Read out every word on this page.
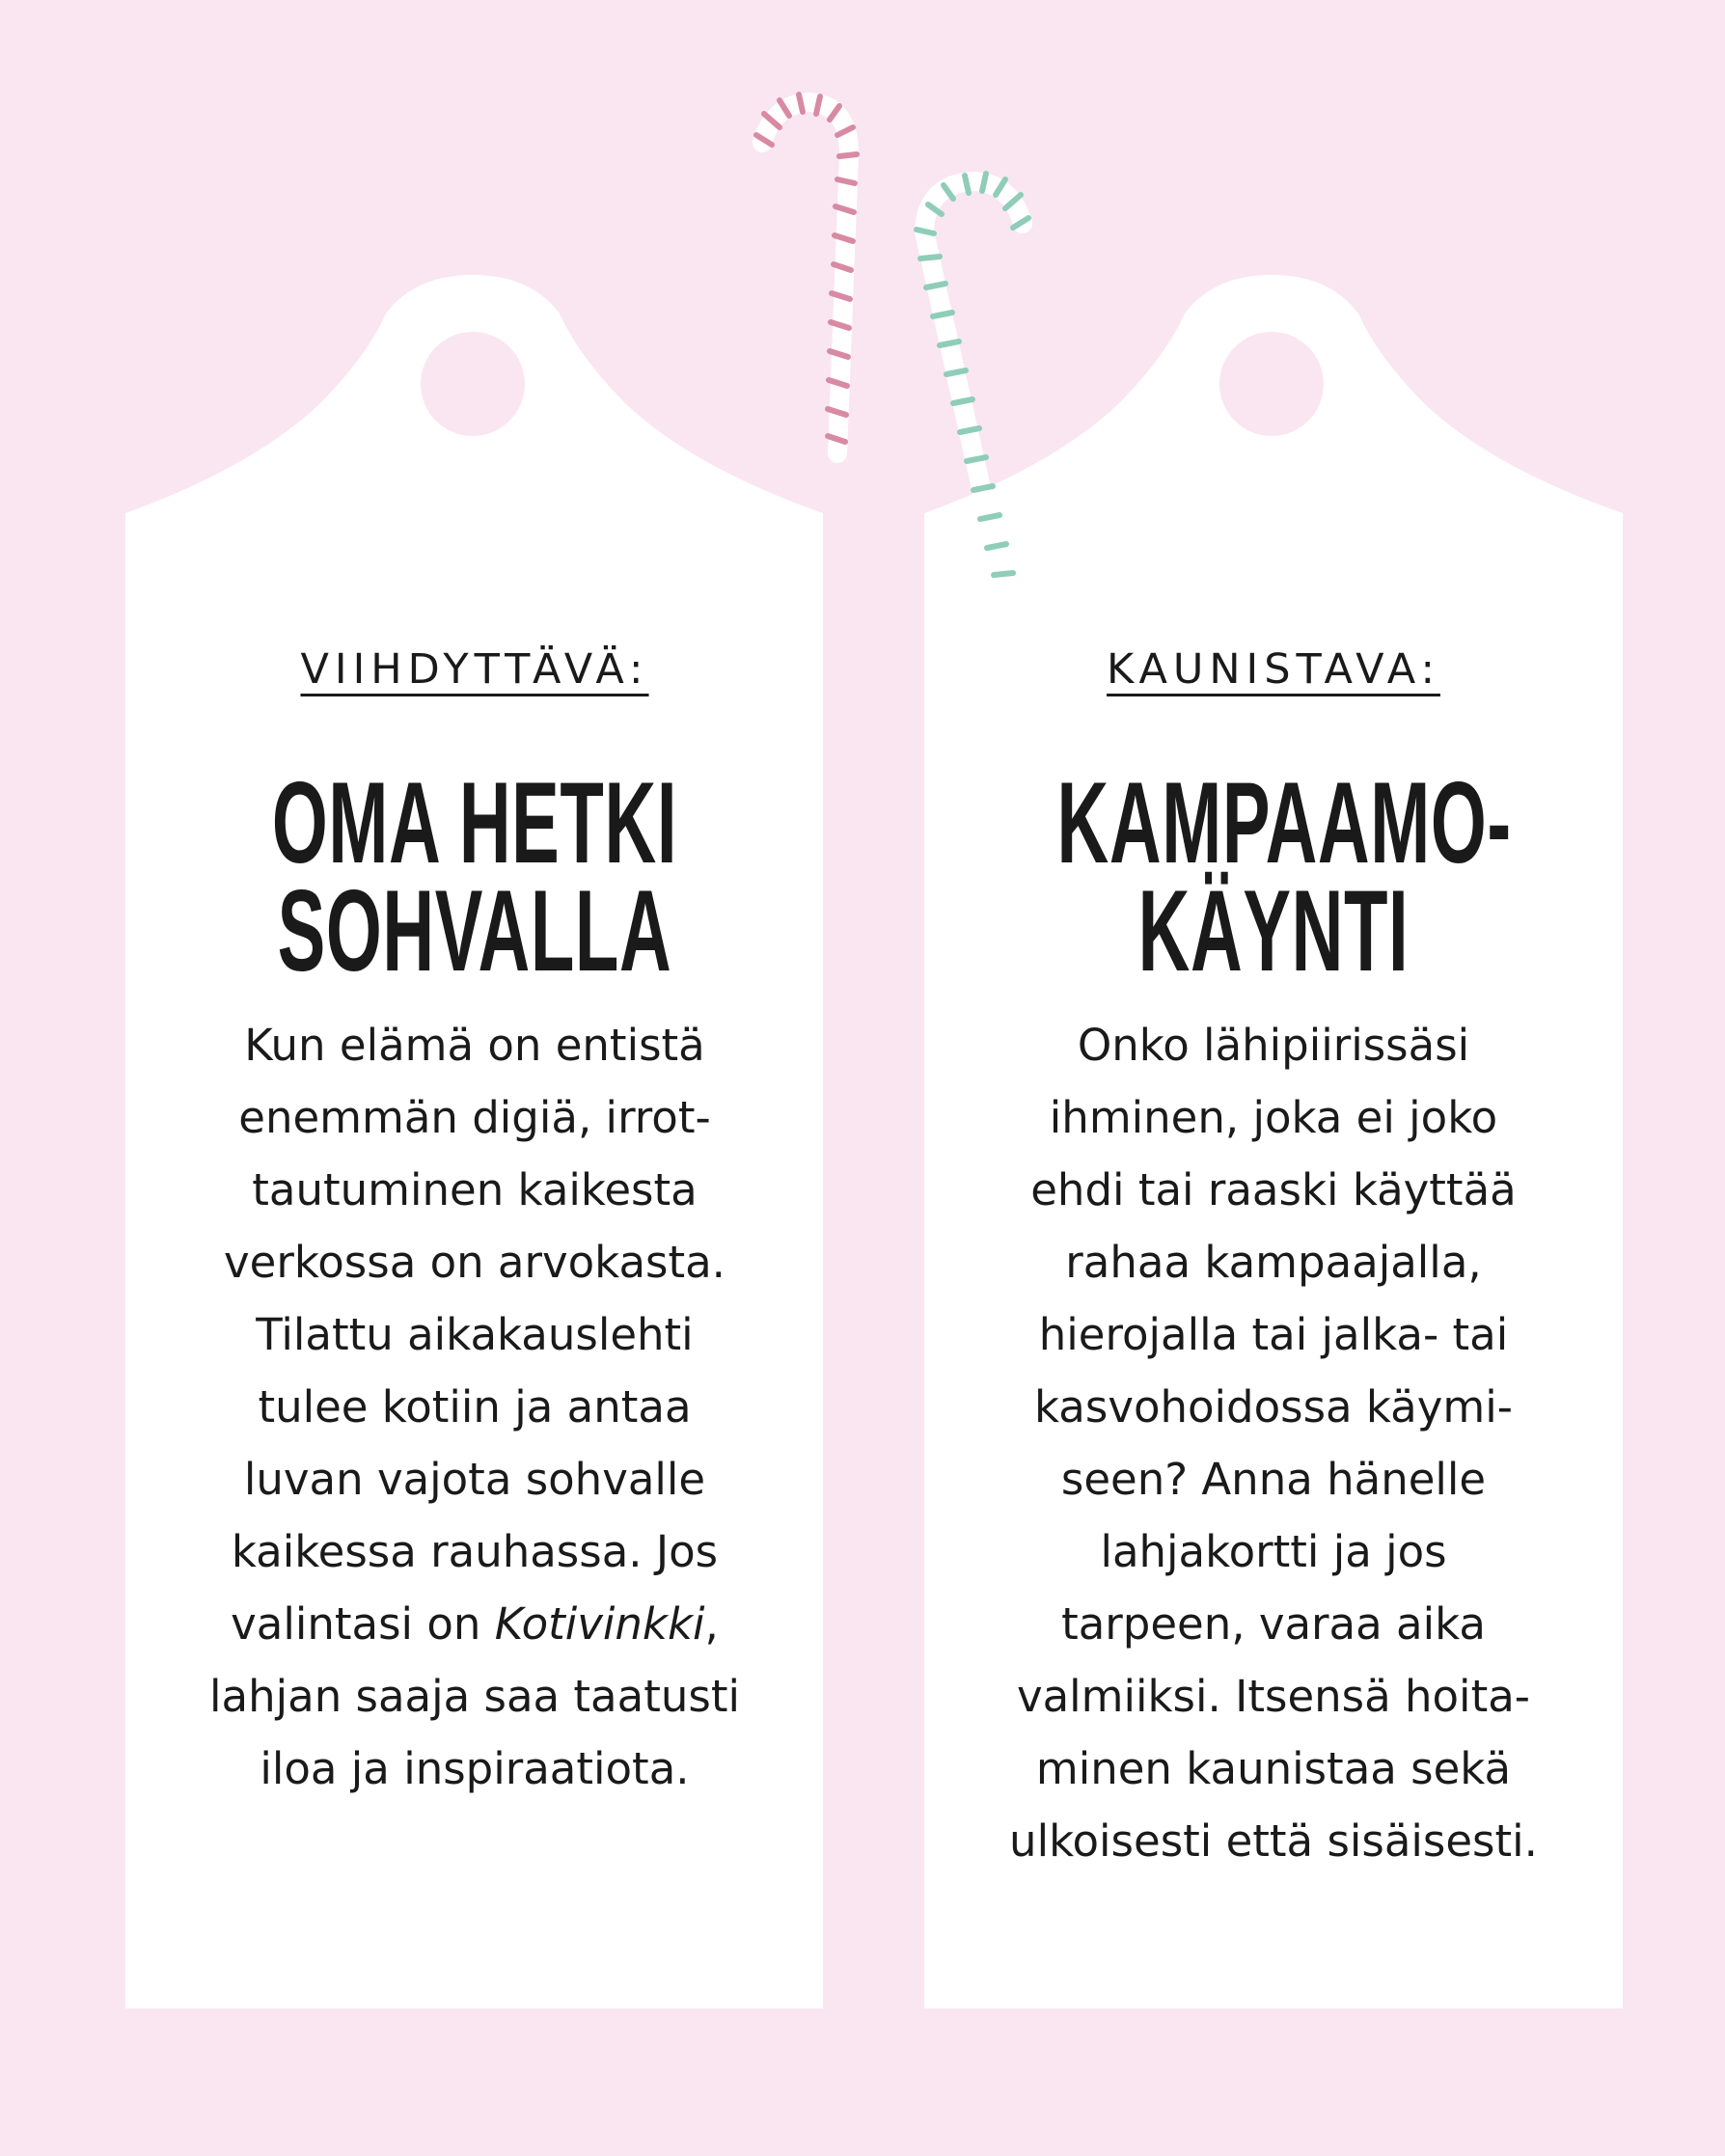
VIIHDYTTÄVÄ:
OMA HETKI
SOHVALLA
Kun elämä on entistä
enemmän digiä, irrot-
tautuminen kaikesta
verkossa on arvokasta.
Tilattu aikakauslehti
tulee kotiin ja antaa
luvan vajota sohvalle
kaikessa rauhassa. Jos
valintasi on Kotivinkki,
lahjan saaja saa taatusti
iloa ja inspiraatiota.
KAUNISTAVA:
KAMPAAMO-
KÄYNTI
Onko lähipiirissäsi
ihminen, joka ei joko
ehdi tai raaski käyttää
rahaa kampaajalla,
hierojalla tai jalka- tai
kasvohoidossa käymi-
seen? Anna hänelle
lahjakortti ja jos
tarpeen, varaa aika
valmiiksi. Itsensä hoita-
minen kaunistaa sekä
ulkoisesti että sisäisesti.
